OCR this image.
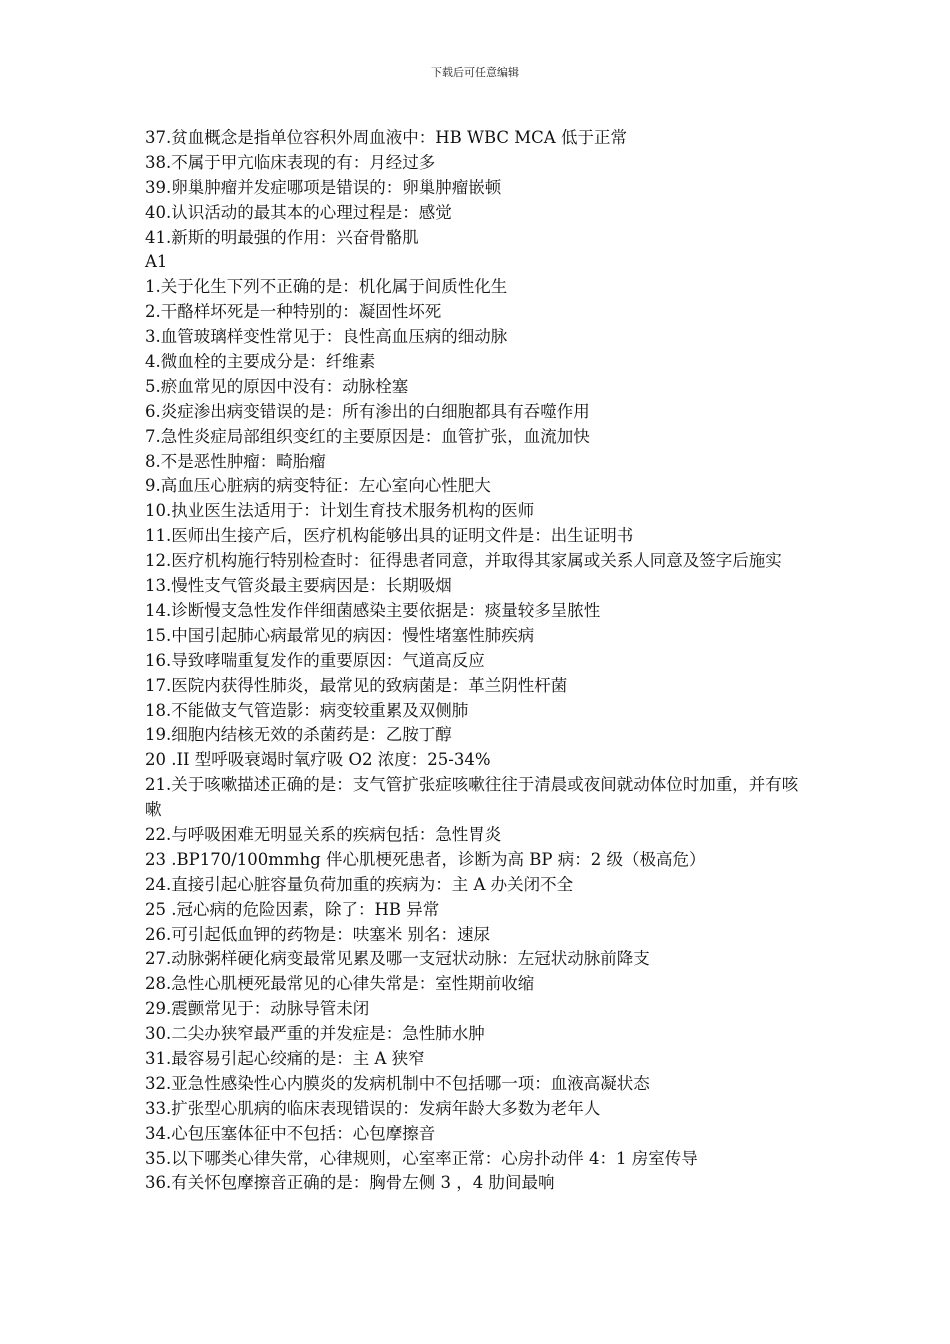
下载后可任意编辑
37.贫血概念是指单位容积外周血液中：HB WBC MCA 低于正常
38.不属于甲亢临床表现的有：月经过多
39.卵巢肿瘤并发症哪项是错误的：卵巢肿瘤嵌顿
40.认识活动的最其本的心理过程是：感觉
41.新斯的明最强的作用：兴奋骨骼肌
A1
1.关于化生下列不正确的是：机化属于间质性化生
2.干酪样坏死是一种特别的：凝固性坏死
3.血管玻璃样变性常见于：良性高血压病的细动脉
4.微血栓的主要成分是：纤维素
5.瘀血常见的原因中没有：动脉栓塞
6.炎症渗出病变错误的是：所有渗出的白细胞都具有吞噬作用
7.急性炎症局部组织变红的主要原因是：血管扩张，血流加快
8.不是恶性肿瘤：畸胎瘤
9.高血压心脏病的病变特征：左心室向心性肥大
10.执业医生法适用于：计划生育技术服务机构的医师
11.医师出生接产后，医疗机构能够出具的证明文件是：出生证明书
12.医疗机构施行特别检查时：征得患者同意，并取得其家属或关系人同意及签字后施实
13.慢性支气管炎最主要病因是：长期吸烟
14.诊断慢支急性发作伴细菌感染主要依据是：痰量较多呈脓性
15.中国引起肺心病最常见的病因：慢性堵塞性肺疾病
16.导致哮喘重复发作的重要原因：气道高反应
17.医院内获得性肺炎，最常见的致病菌是：革兰阴性杆菌
18.不能做支气管造影：病变较重累及双侧肺
19.细胞内结核无效的杀菌药是：乙胺丁醇
20 .II 型呼吸衰竭时氧疗吸 O2 浓度：25-34%
21.关于咳嗽描述正确的是：支气管扩张症咳嗽往往于清晨或夜间就动体位时加重，并有咳嗽
22.与呼吸困难无明显关系的疾病包括：急性胃炎
23 .BP170/100mmhg 伴心肌梗死患者，诊断为高 BP 病：2 级（极高危）
24.直接引起心脏容量负荷加重的疾病为：主 A 办关闭不全
25 .冠心病的危险因素，除了：HB 异常
26.可引起低血钾的药物是：呋塞米 别名：速尿
27.动脉粥样硬化病变最常见累及哪一支冠状动脉：左冠状动脉前降支
28.急性心肌梗死最常见的心律失常是：室性期前收缩
29.震颤常见于：动脉导管未闭
30.二尖办狭窄最严重的并发症是：急性肺水肿
31.最容易引起心绞痛的是：主 A 狭窄
32.亚急性感染性心内膜炎的发病机制中不包括哪一项：血液高凝状态
33.扩张型心肌病的临床表现错误的：发病年龄大多数为老年人
34.心包压塞体征中不包括：心包摩擦音
35.以下哪类心律失常，心律规则，心室率正常：心房扑动伴 4：1 房室传导
36.有关怀包摩擦音正确的是：胸骨左侧 3 ，4 肋间最响
